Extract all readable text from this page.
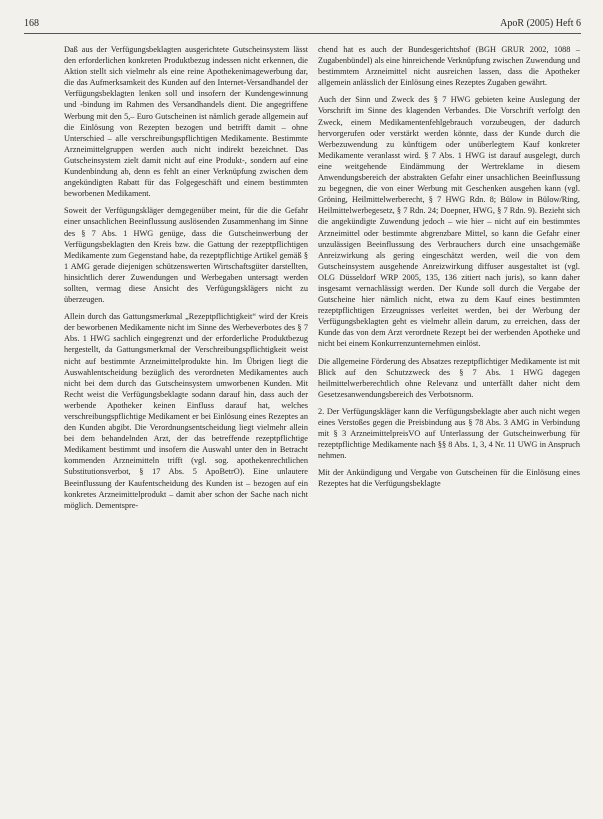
168	ApoR (2005) Heft 6

Daß aus der Verfügungsbeklagten ausgerichtete Gutscheinsystem lässt den erforderlichen konkreten Produktbezug indessen nicht erkennen, die Aktion stellt sich vielmehr als eine reine Apothekenimagewerbung dar, die das Aufmerksamkeit des Kunden auf den Internet-Versandhandel der Verfügungsbeklagten lenken soll und insofern der Kundengewinnung und -bindung im Rahmen des Versandhandels dient. Die angegriffene Werbung mit den 5,– Euro Gutscheinen ist nämlich gerade allgemein auf die Einlösung von Rezepten bezogen und betrifft damit – ohne Unterschied – alle verschreibungspflichtigen Medikamente. Bestimmte Arzneimittelgruppen werden auch nicht indirekt bezeichnet. Das Gutscheinsystem zielt damit nicht auf eine Produkt-, sondern auf eine Kundenbindung ab, denn es fehlt an einer Verknüpfung zwischen dem angekündigten Rabatt für das Folgegeschäft und einem bestimmten beworbenen Medikament.

Soweit der Verfügungskläger demgegenüber meint, für die die Gefahr einer unsachlichen Beeinflussung auslösenden Zusammenhang im Sinne des § 7 Abs. 1 HWG genüge, dass die Gutscheinwerbung der Verfügungsbeklagten den Kreis bzw. die Gattung der rezeptpflichtigen Medikamente zum Gegenstand habe, da rezeptpflichtige Artikel gemäß § 1 AMG gerade diejenigen schützenswerten Wirtschaftsgüter darstellten, hinsichtlich derer Zuwendungen und Werbegaben untersagt werden sollten, vermag diese Ansicht des Verfügungsklägers nicht zu überzeugen.

Allein durch das Gattungsmerkmal „Rezeptpflichtigkeit“ wird der Kreis der beworbenen Medikamente nicht im Sinne des Werbeverbotes des § 7 Abs. 1 HWG sachlich eingegrenzt und der erforderliche Produktbezug hergestellt, da Gattungsmerkmal der Verschreibungspflichtigkeit weist nicht auf bestimmte Arzneimittelprodukte hin. Im Übrigen liegt die Auswahlentscheidung bezüglich des verordneten Medikamentes auch nicht bei dem durch das Gutscheinsystem umworbenen Kunden. Mit Recht weist die Verfügungsbeklagte sodann darauf hin, dass auch der werbende Apotheker keinen Einfluss darauf hat, welches verschreibungspflichtige Medikament er bei Einlösung eines Rezeptes an den Kunden abgibt. Die Verordnungsentscheidung liegt vielmehr allein bei dem behandelnden Arzt, der das betreffende rezeptpflichtige Medikament bestimmt und insofern die Auswahl unter den in Betracht kommenden Arzneimitteln trifft (vgl. sog. apothekenrechtlichen Substitutionsverbot, § 17 Abs. 5 ApoBetrO). Eine unlautere Beeinflussung der Kaufentscheidung des Kunden ist – bezogen auf ein konkretes Arzneimittelprodukt – damit aber schon der Sache nach nicht möglich. Dementspre-

chend hat es auch der Bundesgerichtshof (BGH GRUR 2002, 1088 – Zugabenbündel) als eine hinreichende Verknüpfung zwischen Zuwendung und bestimmtem Arzneimittel nicht ausreichen lassen, dass die Apotheker allgemein anlässlich der Einlösung eines Rezeptes Zugaben gewährt.

Auch der Sinn und Zweck des § 7 HWG gebieten keine Auslegung der Vorschrift im Sinne des klagenden Verbandes. Die Vorschrift verfolgt den Zweck, einem Medikamentenfehlgebrauch vorzubeugen, der dadurch hervorgerufen oder verstärkt werden könnte, dass der Kunde durch die Werbezuwendung zu künftigem oder unüberlegtem Kauf konkreter Medikamente veranlasst wird. § 7 Abs. 1 HWG ist darauf ausgelegt, durch eine weitgehende Eindämmung der Wertreklame in diesem Anwendungsbereich der abstrakten Gefahr einer unsachlichen Beeinflussung zu begegnen, die von einer Werbung mit Geschenken ausgehen kann (vgl. Gröning, Heilmittelwerberecht, § 7 HWG Rdn. 8; Bülow in Bülow/Ring, Heilmittelwerbegesetz, § 7 Rdn. 24; Doepner, HWG, § 7 Rdn. 9). Bezieht sich die angekündigte Zuwendung jedoch – wie hier – nicht auf ein bestimmtes Arzneimittel oder bestimmte abgrenzbare Mittel, so kann die Gefahr einer unzulässigen Beeinflussung des Verbrauchers durch eine unsachgemäße Anreizwirkung als gering eingeschätzt werden, weil die von dem Gutscheinsystem ausgehende Anreizwirkung diffuser ausgestaltet ist (vgl. OLG Düsseldorf WRP 2005, 135, 136 zitiert nach juris), so kann daher insgesamt vernachlässigt werden. Der Kunde soll durch die Vergabe der Gutscheine hier nämlich nicht, etwa zu dem Kauf eines bestimmten rezeptpflichtigen Erzeugnisses verleitet werden, bei der Werbung der Verfügungsbeklagten geht es vielmehr allein darum, zu erreichen, dass der Kunde das von dem Arzt verordnete Rezept bei der werbenden Apotheke und nicht bei einem Konkurrenzunternehmen einlöst.

Die allgemeine Förderung des Absatzes rezeptpflichtiger Medikamente ist mit Blick auf den Schutzzweck des § 7 Abs. 1 HWG dagegen heilmittelwerberechtlich ohne Relevanz und unterfällt daher nicht dem Gesetzesanwendungsbereich des Verbotsnorm.

2. Der Verfügungskläger kann die Verfügungsbeklagte aber auch nicht wegen eines Verstoßes gegen die Preisbindung aus § 78 Abs. 3 AMG in Verbindung mit § 3 ArzneimittelpreisVO auf Unterlassung der Gutscheinwerbung für rezeptpflichtige Medikamente nach §§ 8 Abs. 1, 3, 4 Nr. 11 UWG in Anspruch nehmen.

Mit der Ankündigung und Vergabe von Gutscheinen für die Einlösung eines Rezeptes hat die Verfügungsbeklagte
